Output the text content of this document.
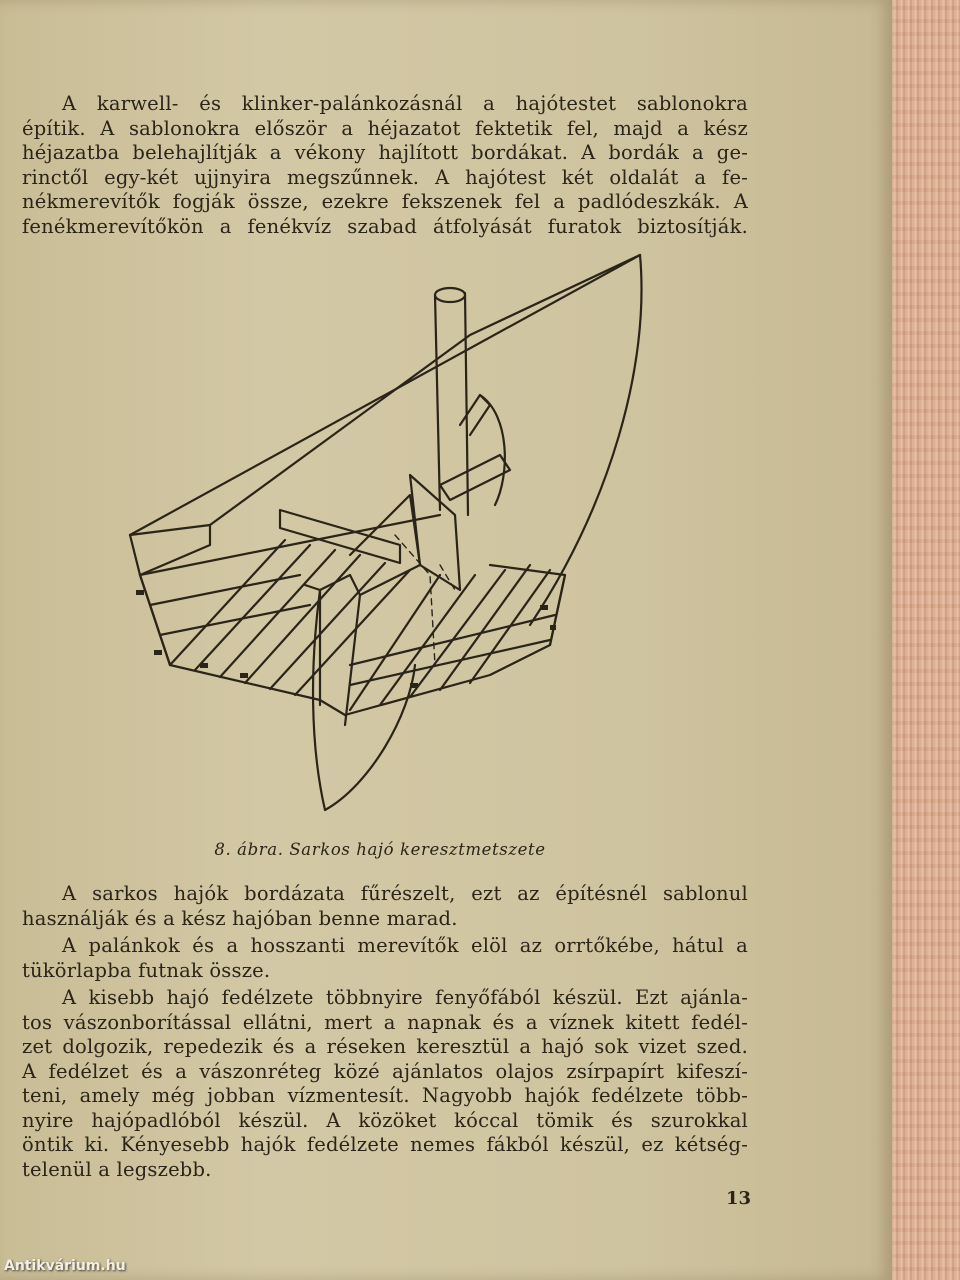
A karwell- és klinker-palánkozásnál a hajótestet sablonokra
építik. A sablonokra először a héjazatot fektetik fel, majd a kész
héjazatba belehajlítják a vékony hajlított bordákat. A bordák a ge-
rinctől egy-két ujjnyira megszűnnek. A hajótest két oldalát a fe-
nékmerevítők fogják össze, ezekre fekszenek fel a padlódeszkák. A
fenékmerevítőkön a fenékvíz szabad átfolyását furatok biztosítják.
8. ábra. Sarkos hajó keresztmetszete
A sarkos hajók bordázata fűrészelt, ezt az építésnél sablonul
használják és a kész hajóban benne marad.
A palánkok és a hosszanti merevítők elöl az orrtőkébe, hátul a
tükörlapba futnak össze.
A kisebb hajó fedélzete többnyire fenyőfából készül. Ezt ajánla-
tos vászonborítással ellátni, mert a napnak és a víznek kitett fedél-
zet dolgozik, repedezik és a réseken keresztül a hajó sok vizet szed.
A fedélzet és a vászonréteg közé ajánlatos olajos zsírpapírt kifeszí-
teni, amely még jobban vízmentesít. Nagyobb hajók fedélzete több-
nyire hajópadlóból készül. A közöket kóccal tömik és szurokkal
öntik ki. Kényesebb hajók fedélzete nemes fákból készül, ez kétség-
telenül a legszebb.
13
Antikvárium.hu
